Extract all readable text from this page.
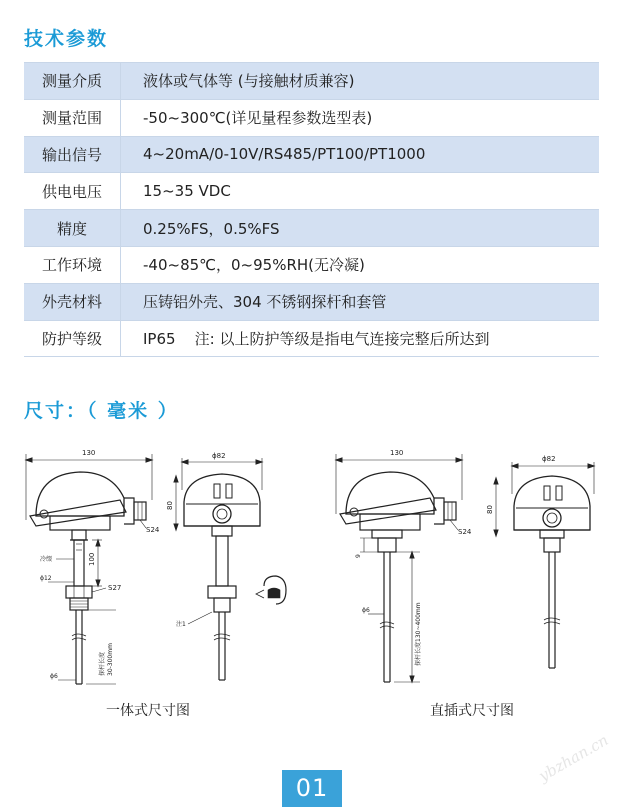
技术参数
测量介质	液体或气体等 (与接触材质兼容)
测量范围	-50~300℃(详见量程参数选型表)
输出信号	4~20mA/0-10V/RS485/PT100/PT1000
供电电压	15~35 VDC
精度	0.25%FS，0.5%FS
工作环境	-40~85℃，0~95%RH(无冷凝)
外壳材料	压铸铝外壳、304 不锈钢探杆和套管
防护等级	IP65    注: 以上防护等级是指电气连接完整后所达到
尺寸：（ 毫米 ）
130
S24
冷缀
ϕ12
100
S27
探杆长度 30-300mm
ϕ6
ϕ82
80
注1
130
S24
9
ϕ6	探杆长度130~400mm
ϕ82
80
一体式尺寸图	直插式尺寸图
ybzhan.cn
01
